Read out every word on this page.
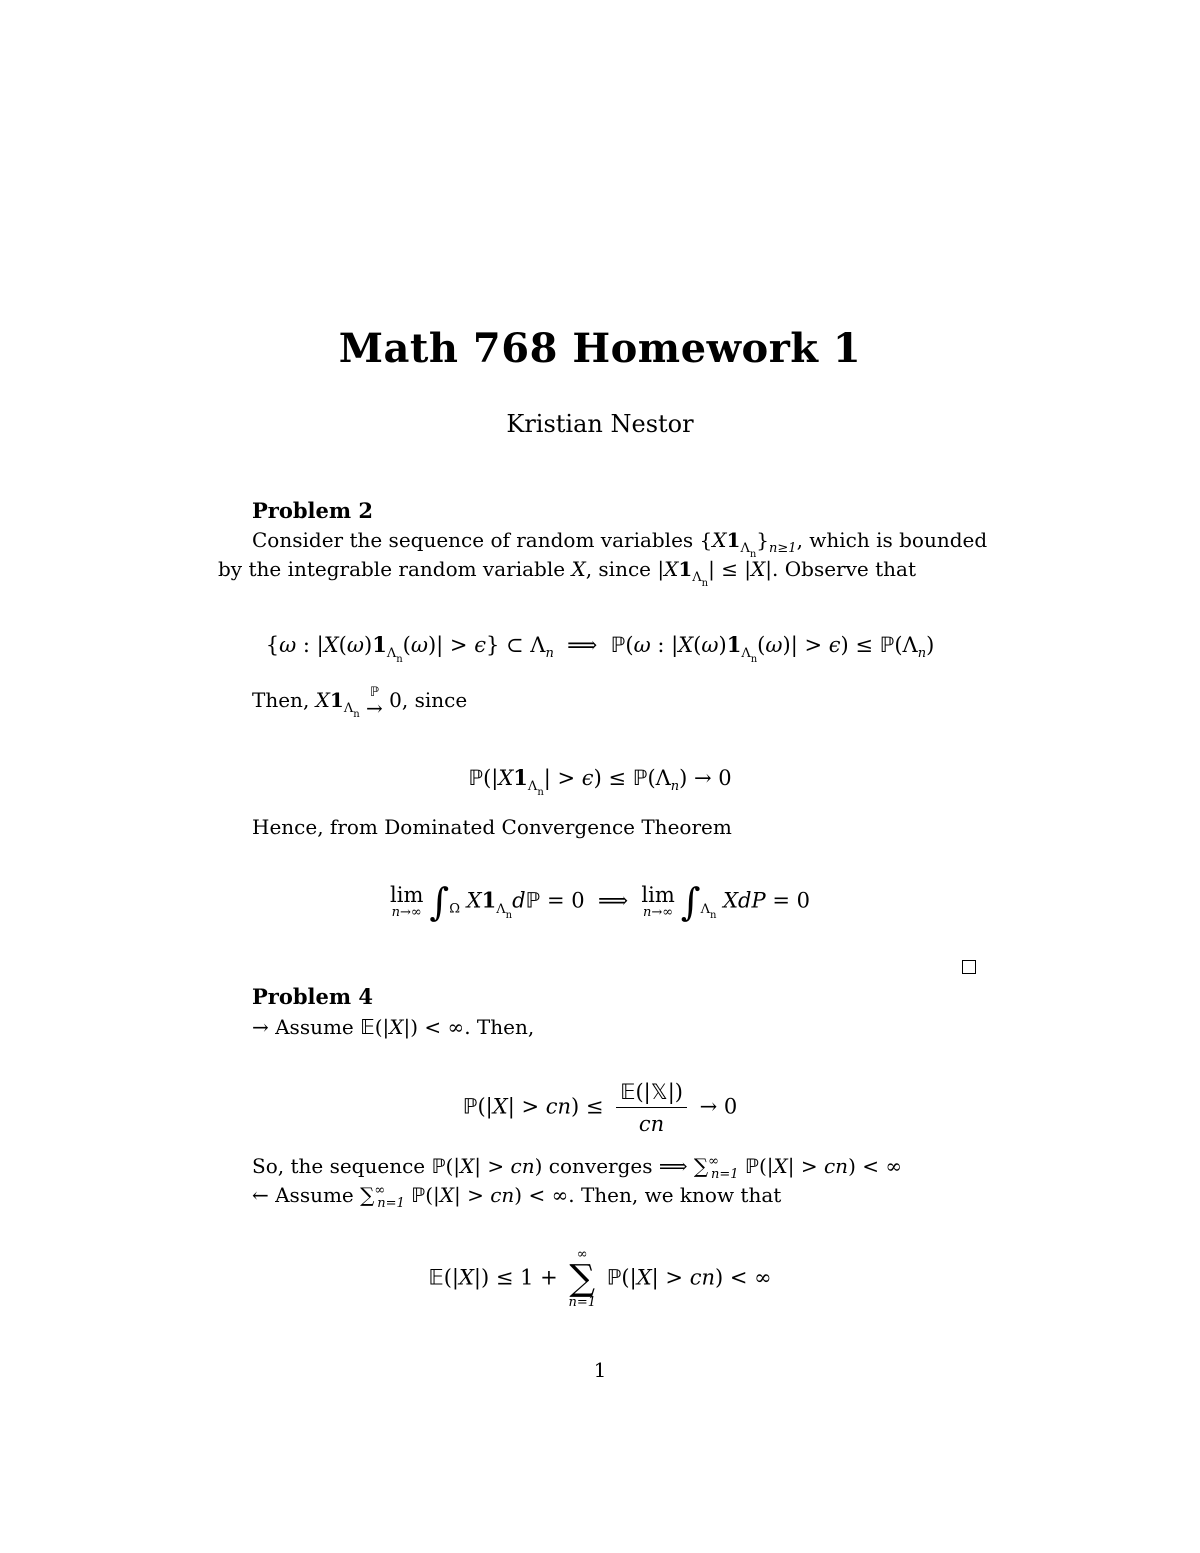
Math 768 Homework 1
Kristian Nestor
Problem 2
Consider the sequence of random variables $\{X1_{\Lambda_n}\}_{n\ge 1}$, which is bounded
by the integrable random variable X, since $|X1_{\Lambda_n}| \le |X|$. Observe that
{ω : $|X(\omega)1_{\Lambda_n}(\omega)| > \epsilon$} ⊂ $\Lambda_n$  ⟹  ℙ(ω : $|X(\omega)1_{\Lambda_n}(\omega)| > \epsilon$) ≤ $ℙ(\Lambda_n)$
Then, $X1_{\Lambda_n}$
ℙ
→ 0, since
$ℙ(|X1_{\Lambda_n}| > \epsilon)$ ≤ $ℙ(\Lambda_n) \to 0$
Hence, from Dominated Convergence Theorem
lim
n→∞ $\int_\Omega$ $X1_{\Lambda_n}dℙ = 0$  ⟹ lim
n→∞ $\int_{\Lambda_n}$ XdP = 0
Problem 4
→ Assume 𝔼(|X|) < ∞. Then,
ℙ(|X| > $cn) \le \frac{\text{𝔼(|𝕏|)}}{cn} \to 0$
So, the sequence ℙ(|X| > cn) converges ⟹ $\sum^\infty_{n=1}$ ℙ(|X| > cn) < ∞
← Assume $\sum^\infty_{n=1}$ ℙ(|X| > cn) < ∞. Then, we know that
𝔼(|X|) ≤ 1 +
∞
∑
n=1
ℙ(|X| > cn) < ∞
1
